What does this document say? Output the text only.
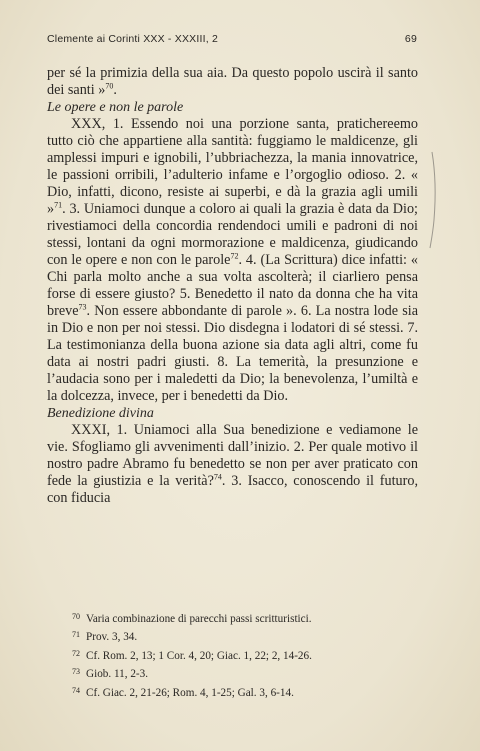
Clemente ai Corinti XXX - XXXIII, 2	69

per sé la primizia della sua aia. Da questo popolo uscirà il santo dei santi »$^{70}$.

Le opere e non le parole

XXX, 1. Essendo noi una porzione santa, pratichereemo tutto ciò che appartiene alla santità: fuggiamo le maldicenze, gli amplessi impuri e ignobili, l’ubbriachezza, la mania innovatrice, le passioni orribili, l’adulterio infame e l’orgoglio odioso. 2. « Dio, infatti, dicono, resiste ai superbi, e dà la grazia agli umili »$^{71}$. 3. Uniamoci dunque a coloro ai quali la grazia è data da Dio; rivestiamoci della concordia rendendoci umili e padroni di noi stessi, lontani da ogni mormorazione e maldicenza, giudicando con le opere e non con le parole$^{72}$. 4. (La Scrittura) dice infatti: « Chi parla molto anche a sua volta ascolterà; il ciarliero pensa forse di essere giusto? 5. Benedetto il nato da donna che ha vita breve$^{73}$. Non essere abbondante di parole ». 6. La nostra lode sia in Dio e non per noi stessi. Dio disdegna i lodatori di sé stessi. 7. La testimonianza della buona azione sia data agli altri, come fu data ai nostri padri giusti. 8. La temerità, la presunzione e l’audacia sono per i maledetti da Dio; la benevolenza, l’umiltà e la dolcezza, invece, per i benedetti da Dio.

Benedizione divina

XXXI, 1. Uniamoci alla Sua benedizione e vediamone le vie. Sfogliamo gli avvenimenti dall’inizio. 2. Per quale motivo il nostro padre Abramo fu benedetto se non per aver praticato con fede la giustizia e la verità?$^{74}$. 3. Isacco, conoscendo il futuro, con fiducia

70 Varia combinazione di parecchi passi scritturistici.
71 Prov. 3, 34.
72 Cf. Rom. 2, 13; 1 Cor. 4, 20; Giac. 1, 22; 2, 14-26.
73 Giob. 11, 2-3.
74 Cf. Giac. 2, 21-26; Rom. 4, 1-25; Gal. 3, 6-14.
